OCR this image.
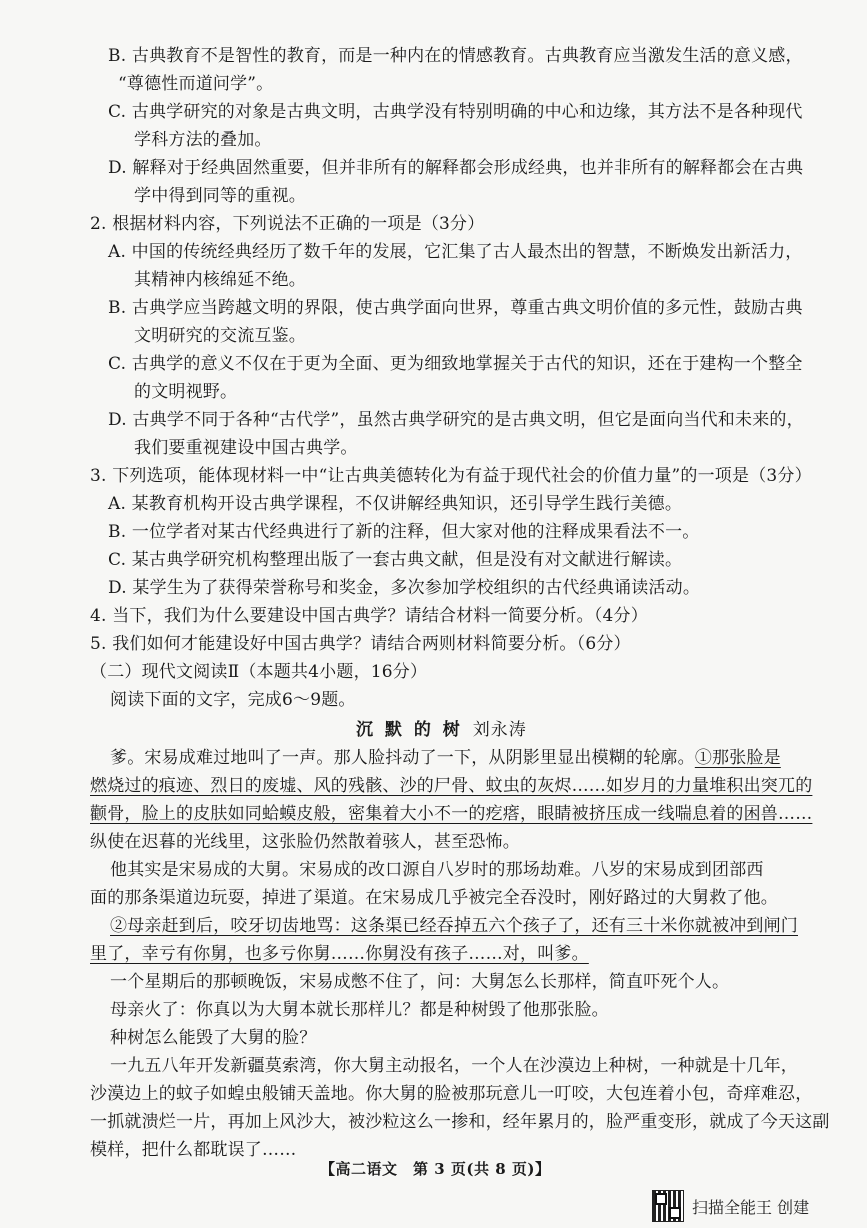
B. 古典教育不是智性的教育，而是一种内在的情感教育。古典教育应当激发生活的意义感，
“尊德性而道问学”。
C. 古典学研究的对象是古典文明，古典学没有特别明确的中心和边缘，其方法不是各种现代
学科方法的叠加。
D. 解释对于经典固然重要，但并非所有的解释都会形成经典，也并非所有的解释都会在古典
学中得到同等的重视。
2. 根据材料内容，下列说法不正确的一项是（3分）
A. 中国的传统经典经历了数千年的发展，它汇集了古人最杰出的智慧，不断焕发出新活力，
其精神内核绵延不绝。
B. 古典学应当跨越文明的界限，使古典学面向世界，尊重古典文明价值的多元性，鼓励古典
文明研究的交流互鉴。
C. 古典学的意义不仅在于更为全面、更为细致地掌握关于古代的知识，还在于建构一个整全
的文明视野。
D. 古典学不同于各种“古代学”，虽然古典学研究的是古典文明，但它是面向当代和未来的，
我们要重视建设中国古典学。
3. 下列选项，能体现材料一中“让古典美德转化为有益于现代社会的价值力量”的一项是（3分）
A. 某教育机构开设古典学课程，不仅讲解经典知识，还引导学生践行美德。
B. 一位学者对某古代经典进行了新的注释，但大家对他的注释成果看法不一。
C. 某古典学研究机构整理出版了一套古典文献，但是没有对文献进行解读。
D. 某学生为了获得荣誉称号和奖金，多次参加学校组织的古代经典诵读活动。
4. 当下，我们为什么要建设中国古典学？请结合材料一简要分析。（4分）
5. 我们如何才能建设好中国古典学？请结合两则材料简要分析。（6分）
（二）现代文阅读Ⅱ（本题共4小题，16分）
阅读下面的文字，完成6～9题。
沉 默 的 树 刘永涛
爹。宋易成难过地叫了一声。那人脸抖动了一下，从阴影里显出模糊的轮廓。①那张脸是
燃烧过的痕迹、烈日的废墟、风的残骸、沙的尸骨、蚊虫的灰烬……如岁月的力量堆积出突兀的
颧骨，脸上的皮肤如同蛤蟆皮般，密集着大小不一的疙瘩，眼睛被挤压成一线喘息着的困兽……
纵使在迟暮的光线里，这张脸仍然散着骇人，甚至恐怖。
他其实是宋易成的大舅。宋易成的改口源自八岁时的那场劫难。八岁的宋易成到团部西
面的那条渠道边玩耍，掉进了渠道。在宋易成几乎被完全吞没时，刚好路过的大舅救了他。
②母亲赶到后，咬牙切齿地骂：这条渠已经吞掉五六个孩子了，还有三十米你就被冲到闸门
里了，幸亏有你舅，也多亏你舅……你舅没有孩子……对，叫爹。
一个星期后的那顿晚饭，宋易成憋不住了，问：大舅怎么长那样，简直吓死个人。
母亲火了：你真以为大舅本就长那样儿？都是种树毁了他那张脸。
种树怎么能毁了大舅的脸？
一九五八年开发新疆莫索湾，你大舅主动报名，一个人在沙漠边上种树，一种就是十几年，
沙漠边上的蚊子如蝗虫般铺天盖地。你大舅的脸被那玩意儿一叮咬，大包连着小包，奇痒难忍，
一抓就溃烂一片，再加上风沙大，被沙粒这么一掺和，经年累月的，脸严重变形，就成了今天这副
模样，把什么都耽误了……
【高二语文　第 3 页(共 8 页)】
扫描全能王 创建
